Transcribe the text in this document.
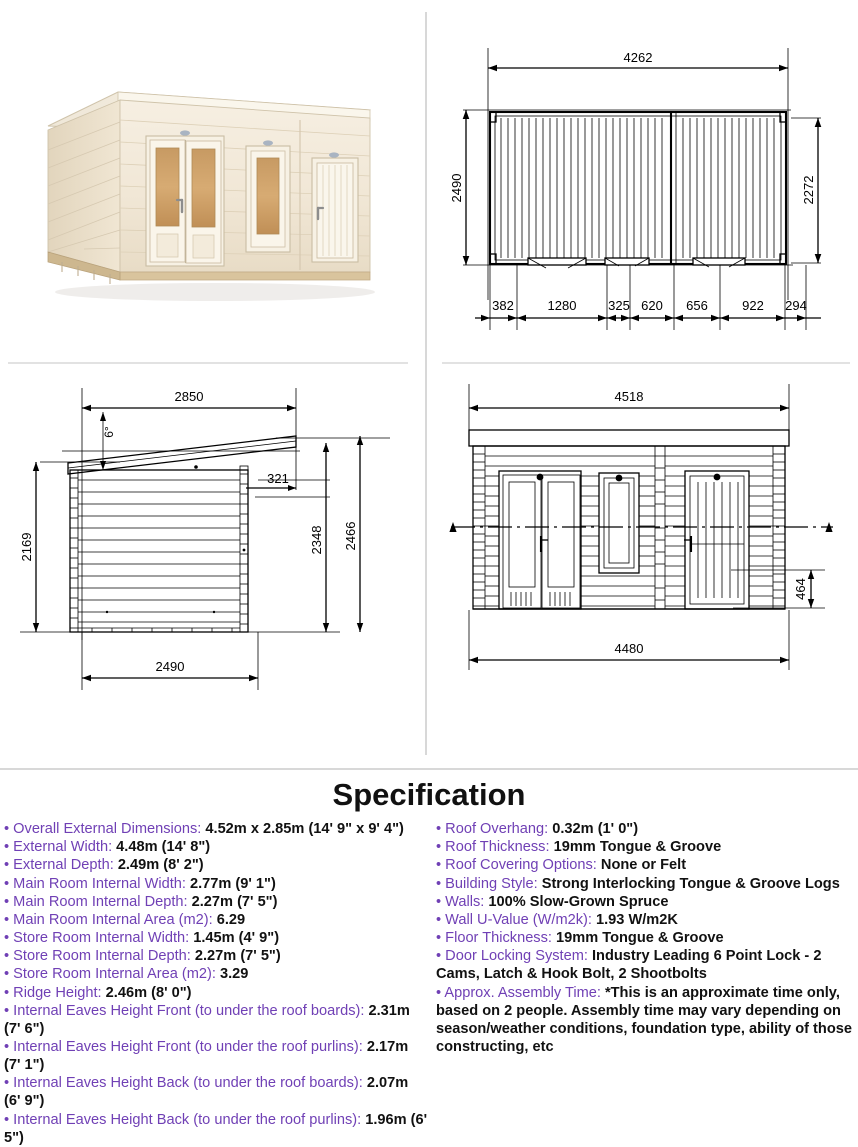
4262
2490	2272
382	1280 325 620 656	922 294
2850
6°
321
2169	2348 2466
2490
4518
464
4480
Specification

• Overall External Dimensions: 4.52m x 2.85m (14' 9" x 9' 4")

• External Width: 4.48m (14' 8")

• External Depth: 2.49m (8' 2")

• Main Room Internal Width: 2.77m (9' 1")

• Main Room Internal Depth: 2.27m (7' 5")

• Main Room Internal Area (m2): 6.29

• Store Room Internal Width: 1.45m (4' 9")

• Store Room Internal Depth: 2.27m (7' 5")

• Store Room Internal Area (m2): 3.29

• Ridge Height: 2.46m (8' 0")

• Internal Eaves Height Front (to under the roof boards): 2.31m (7' 6")

• Internal Eaves Height Front (to under the roof purlins): 2.17m (7' 1")

• Internal Eaves Height Back (to under the roof boards): 2.07m (6' 9")

• Internal Eaves Height Back (to under the roof purlins): 1.96m (6' 5")

• Roof Overhang: 0.32m (1' 0")

• Roof Thickness: 19mm Tongue & Groove

• Roof Covering Options: None or Felt

• Building Style: Strong Interlocking Tongue & Groove Logs

• Walls: 100% Slow-Grown Spruce

• Wall U-Value (W/m2k): 1.93 W/m2K

• Floor Thickness: 19mm Tongue & Groove

• Door Locking System: Industry Leading 6 Point Lock - 2 Cams, Latch & Hook Bolt, 2 Shootbolts

• Approx. Assembly Time: *This is an approximate time only, based on 2 people. Assembly time may vary depending on season/weather conditions, foundation type, ability of those constructing, etc
